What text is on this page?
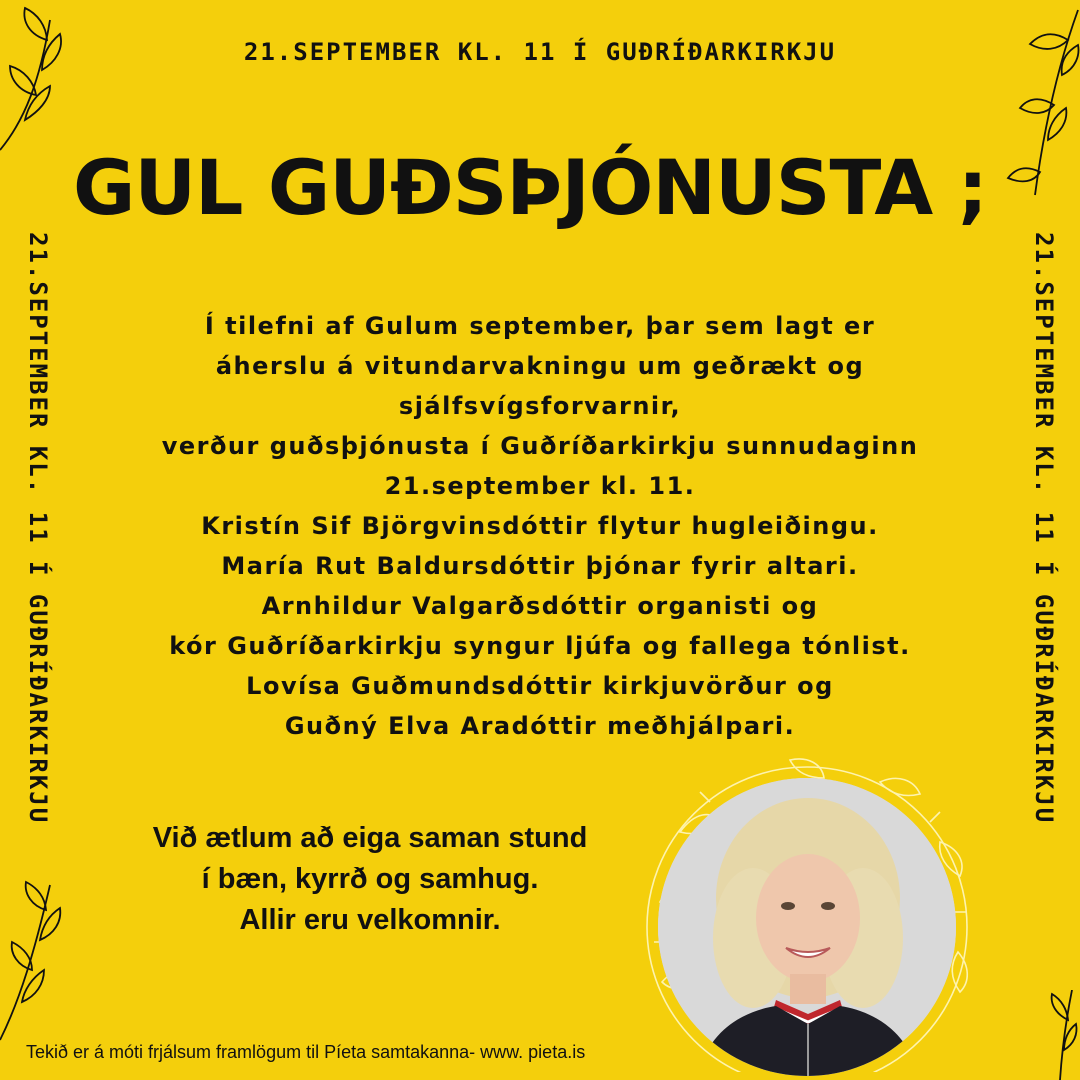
21.SEPTEMBER KL. 11 Í GUÐRÍÐARKIRKJU
GUL GUÐSÞJÓNUSTA ;
21.SEPTEMBER KL. 11 Í GUÐRÍÐARKIRKJU	21.SEPTEMBER KL. 11 Í GUÐRÍÐARKIRKJU
Í tilefni af Gulum september, þar sem lagt er
áherslu á vitundarvakningu um geðrækt og
sjálfsvígsforvarnir,
verður guðsþjónusta í Guðríðarkirkju sunnudaginn
21.september kl. 11.
Kristín Sif Björgvinsdóttir flytur hugleiðingu.
María Rut Baldursdóttir þjónar fyrir altari.
Arnhildur Valgarðsdóttir organisti og
kór Guðríðarkirkju syngur ljúfa og fallega tónlist.
Lovísa Guðmundsdóttir kirkjuvörður og
Guðný Elva Aradóttir meðhjálpari.
Við ætlum að eiga saman stund
í bæn, kyrrð og samhug.
Allir eru velkomnir.
Tekið er á móti frjálsum framlögum til Píeta samtakanna- www. pieta.is
